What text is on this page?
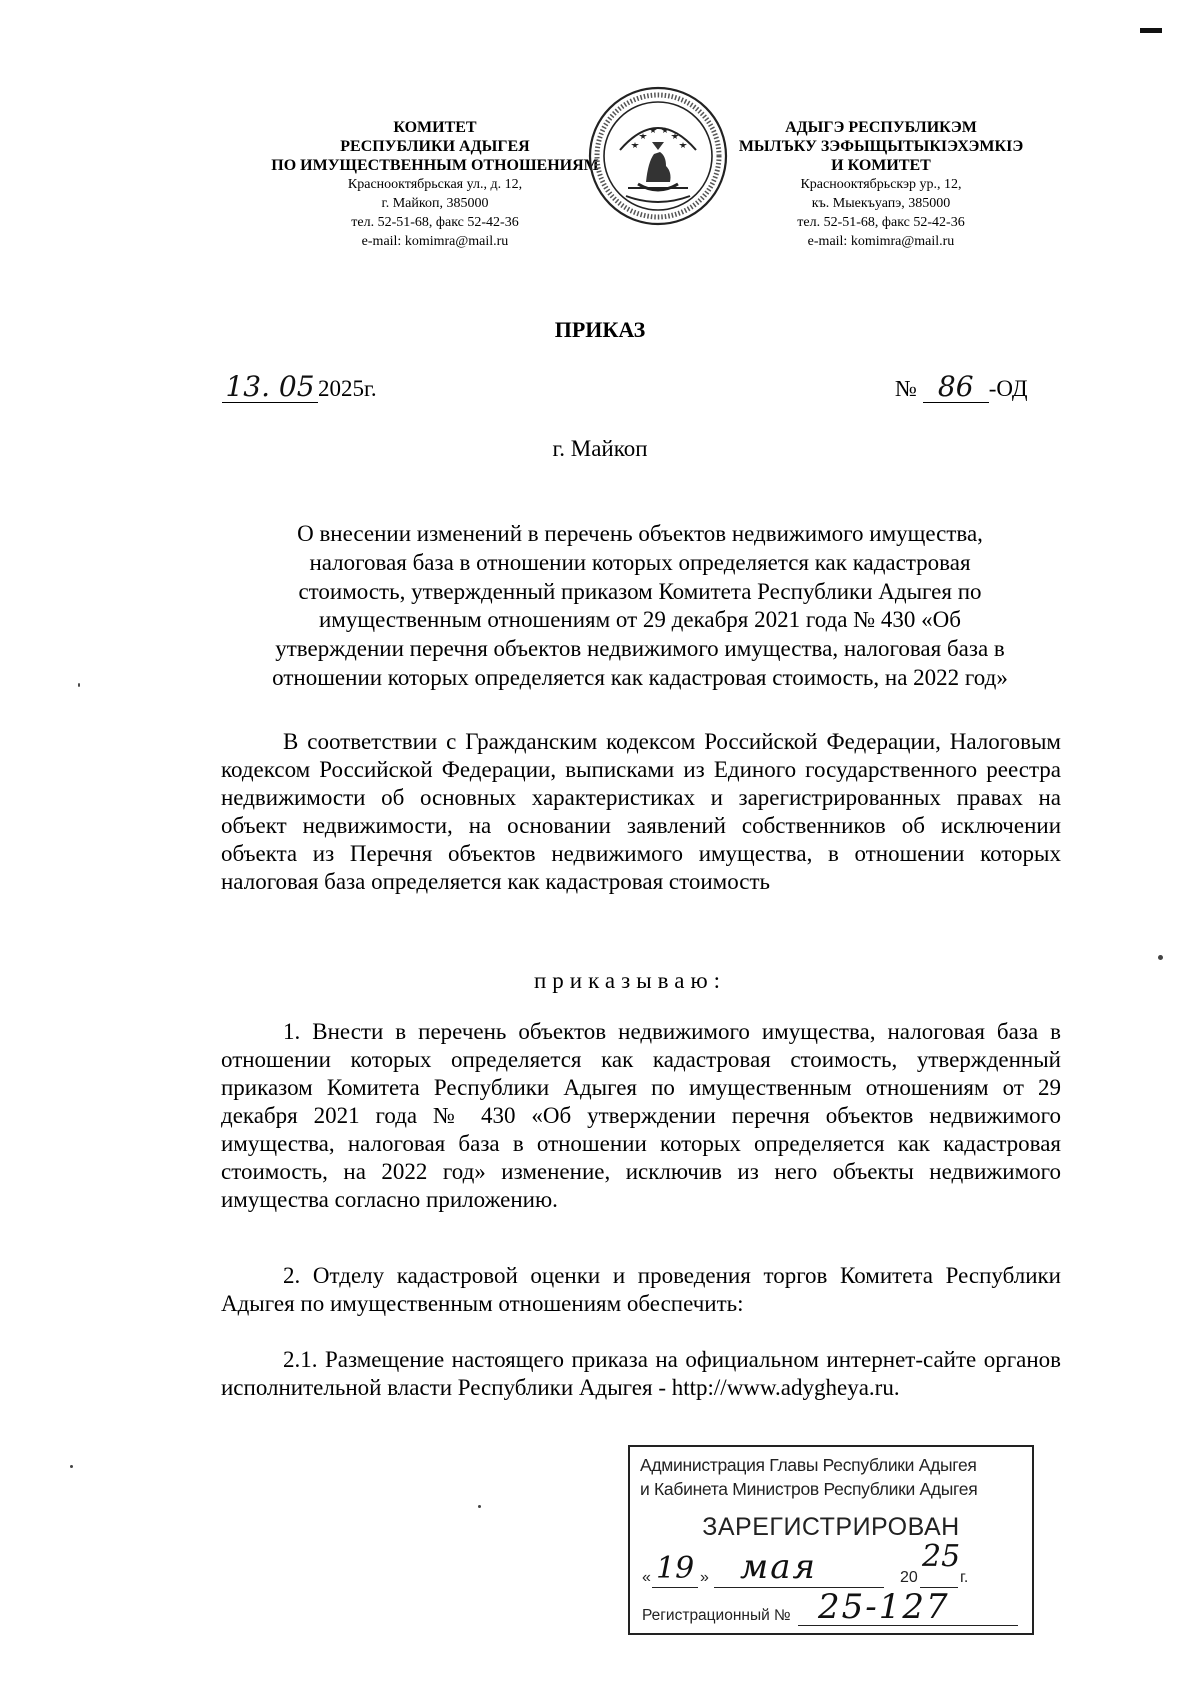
КОМИТЕТ
РЕСПУБЛИКИ АДЫГЕЯ
ПО ИМУЩЕСТВЕННЫМ ОТНОШЕНИЯМ
Краснооктябрьская ул., д. 12,
г. Майкоп, 385000
тел. 52-51-68, факс 52-42-36
e-mail: komimra@mail.ru
АДЫГЭ РЕСПУБЛИКЭМ
МЫЛЪКУ ЗЭФЫЩЫТЫКІЭХЭМКІЭ
И КОМИТЕТ
Краснооктябрьскэр ур., 12,
къ. Мыекъуапэ, 385000
тел. 52-51-68, факс 52-42-36
e-mail: komimra@mail.ru
ПРИКАЗ
13. 05 2025г.	№ 86 -ОД
г. Майкоп
О внесении изменений в перечень объектов недвижимого имущества,
налоговая база в отношении которых определяется как кадастровая
стоимость, утвержденный приказом Комитета Республики Адыгея по
имущественным отношениям от 29 декабря 2021 года № 430 «Об
утверждении перечня объектов недвижимого имущества, налоговая база в
отношении которых определяется как кадастровая стоимость, на 2022 год»

В соответствии с Гражданским кодексом Российской Федерации, Налоговым кодексом Российской Федерации, выписками из Единого государственного реестра недвижимости об основных характеристиках и зарегистрированных правах на объект недвижимости, на основании заявлений собственников об исключении объекта из Перечня объектов недвижимого имущества, в отношении которых налоговая база определяется как кадастровая стоимость

приказываю:

1. Внести в перечень объектов недвижимого имущества, налоговая база в отношении которых определяется как кадастровая стоимость, утвержденный приказом Комитета Республики Адыгея по имущественным отношениям от 29 декабря 2021 года № 430 «Об утверждении перечня объектов недвижимого имущества, налоговая база в отношении которых определяется как кадастровая стоимость, на 2022 год» изменение, исключив из него объекты недвижимого имущества согласно приложению.

2. Отделу кадастровой оценки и проведения торгов Комитета Республики Адыгея по имущественным отношениям обеспечить:

2.1. Размещение настоящего приказа на официальном интернет-сайте органов исполнительной власти Республики Адыгея - http://www.adygheya.ru.

Администрация Главы Республики Адыгея
и Кабинета Министров Республики Адыгея
ЗАРЕГИСТРИРОВАН
« 19 » мая	20
25
г.
Регистрационный № 25-127
